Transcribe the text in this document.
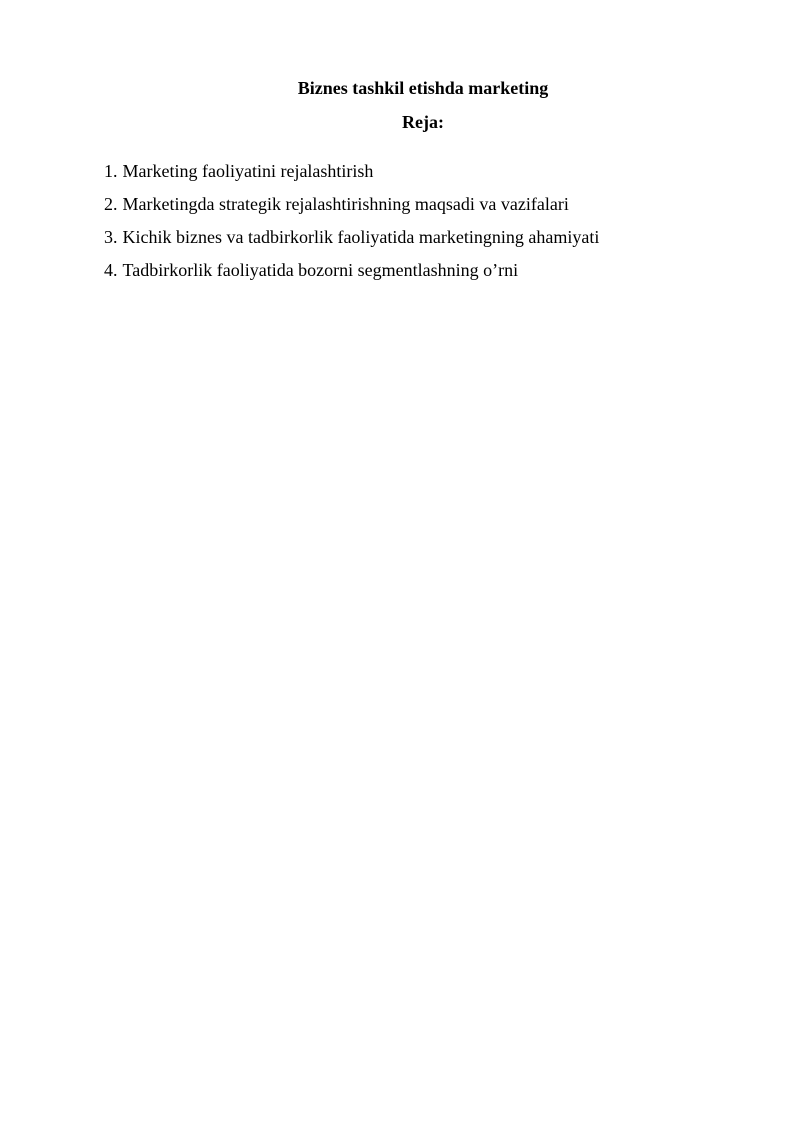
Biznes tashkil etishda marketing
Reja:
1. Marketing faoliyatini rejalashtirish
2. Marketingda strategik rejalashtirishning maqsadi va vazifalari
3. Kichik biznes va tadbirkorlik faoliyatida marketingning ahamiyati
4. Tadbirkorlik faoliyatida bozorni segmentlashning o’rni
